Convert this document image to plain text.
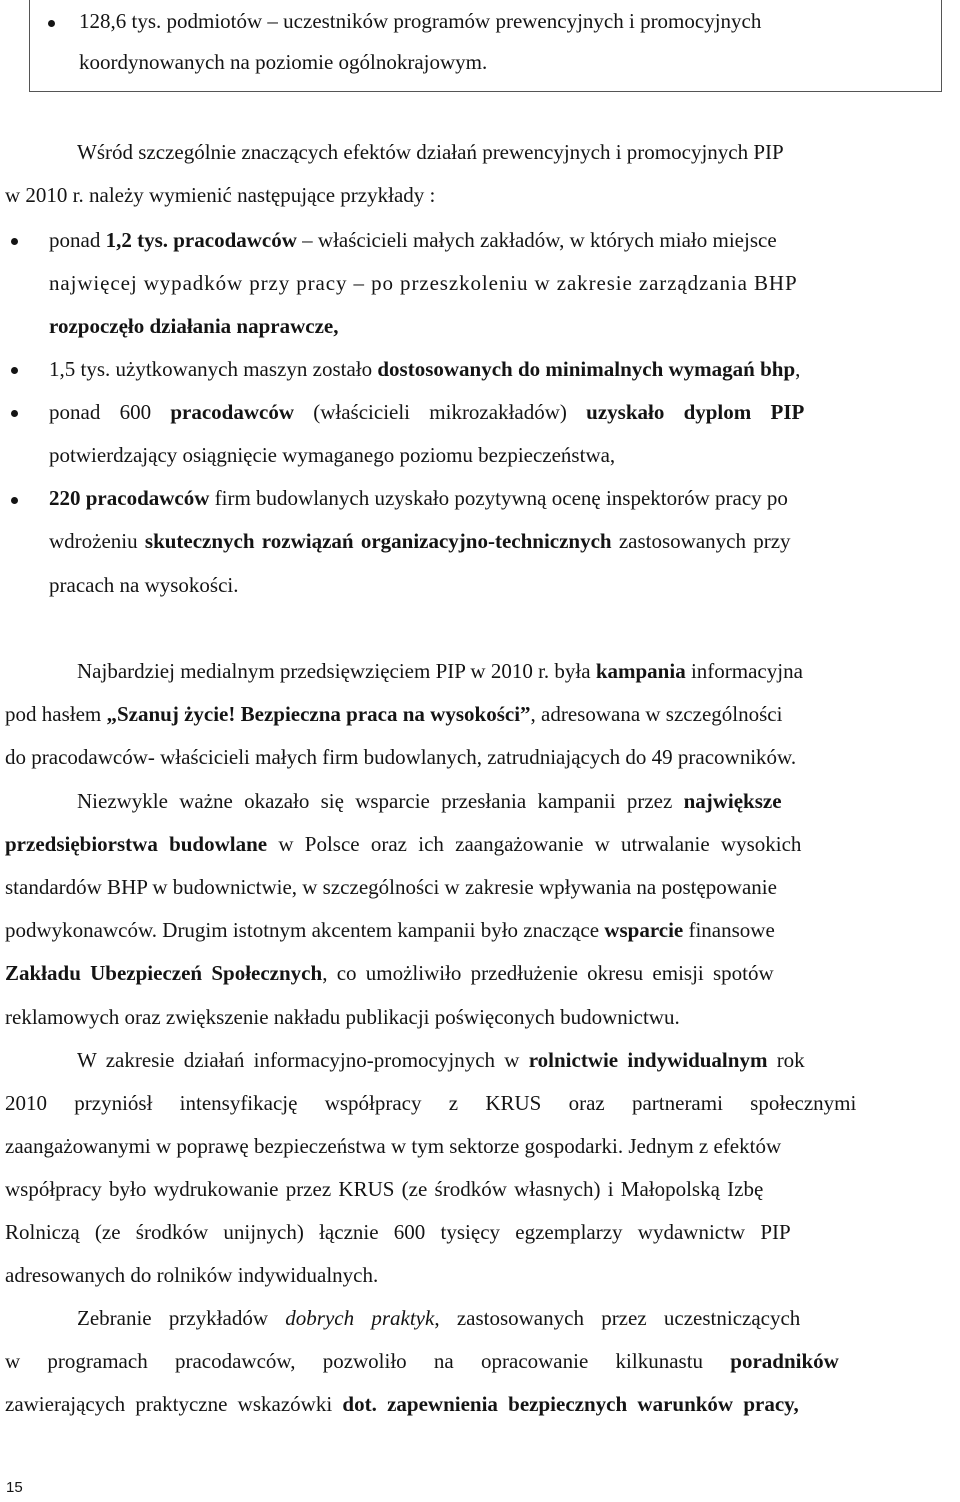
128,6 tys. podmiotów – uczestników programów prewencyjnych i promocyjnych
koordynowanych na poziomie ogólnokrajowym.
Wśród szczególnie znaczących efektów działań prewencyjnych i promocyjnych PIP
w 2010 r. należy wymienić następujące przykłady :
ponad 1,2 tys. pracodawców – właścicieli małych zakładów, w których miało miejsce
najwięcej wypadków przy pracy – po przeszkoleniu w zakresie zarządzania BHP
rozpoczęło działania naprawcze,
1,5 tys. użytkowanych maszyn zostało dostosowanych do minimalnych wymagań bhp,
ponad 600 pracodawców (właścicieli mikrozakładów) uzyskało dyplom PIP
potwierdzający osiągnięcie wymaganego poziomu bezpieczeństwa,
220 pracodawców firm budowlanych uzyskało pozytywną ocenę inspektorów pracy po
wdrożeniu skutecznych rozwiązań organizacyjno-technicznych zastosowanych przy
pracach na wysokości.
Najbardziej medialnym przedsięwzięciem PIP w 2010 r. była kampania informacyjna
pod hasłem „Szanuj życie! Bezpieczna praca na wysokości”, adresowana w szczególności
do pracodawców- właścicieli małych firm budowlanych, zatrudniających do 49 pracowników.
Niezwykle ważne okazało się wsparcie przesłania kampanii przez największe
przedsiębiorstwa budowlane w Polsce oraz ich zaangażowanie w utrwalanie wysokich
standardów BHP w budownictwie, w szczególności w zakresie wpływania na postępowanie
podwykonawców. Drugim istotnym akcentem kampanii było znaczące wsparcie finansowe
Zakładu Ubezpieczeń Społecznych, co umożliwiło przedłużenie okresu emisji spotów
reklamowych oraz zwiększenie nakładu publikacji poświęconych budownictwu.
W zakresie działań informacyjno-promocyjnych w rolnictwie indywidualnym rok
2010 przyniósł intensyfikację współpracy z KRUS oraz partnerami społecznymi
zaangażowanymi w poprawę bezpieczeństwa w tym sektorze gospodarki. Jednym z efektów
współpracy było wydrukowanie przez KRUS (ze środków własnych) i Małopolską Izbę
Rolniczą (ze środków unijnych) łącznie 600 tysięcy egzemplarzy wydawnictw PIP
adresowanych do rolników indywidualnych.
Zebranie przykładów dobrych praktyk, zastosowanych przez uczestniczących
w programach pracodawców, pozwoliło na opracowanie kilkunastu poradników
zawierających praktyczne wskazówki dot. zapewnienia bezpiecznych warunków pracy,
15
